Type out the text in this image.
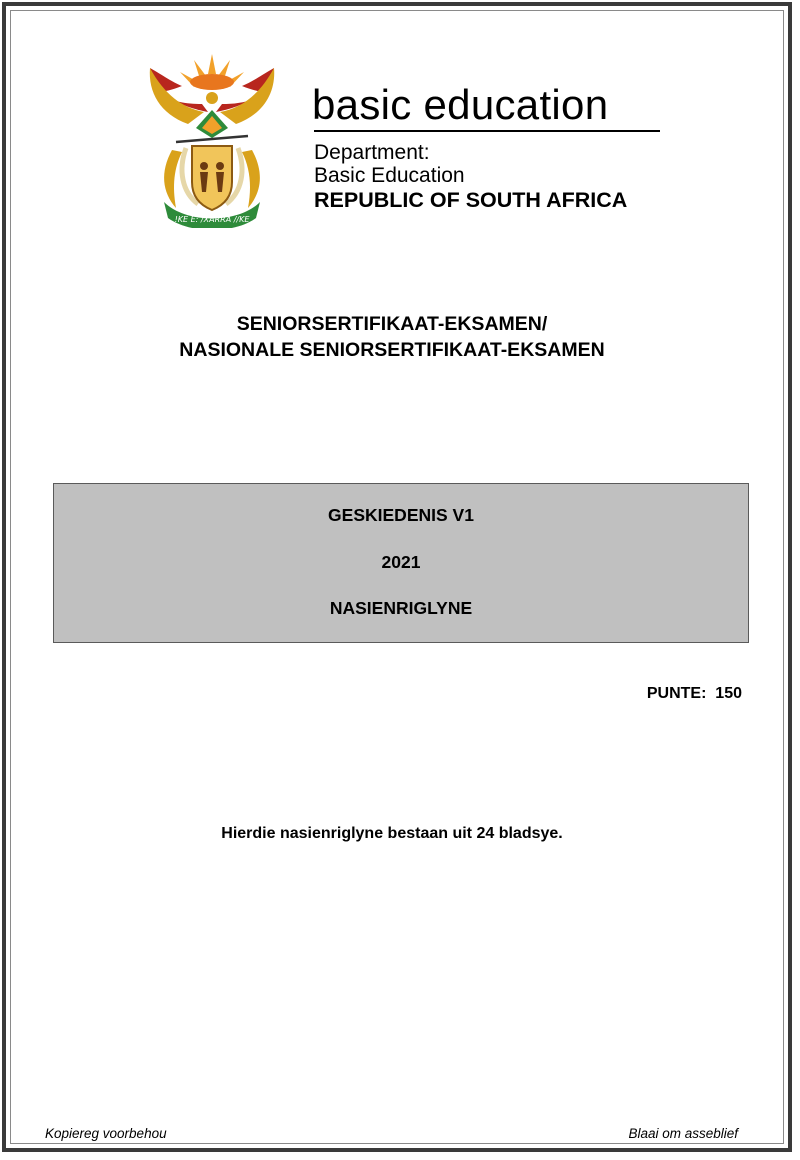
!KE E: /XARRA //KE
basic education
Department:
Basic Education
REPUBLIC OF SOUTH AFRICA
SENIORSERTIFIKAAT-EKSAMEN/
NASIONALE SENIORSERTIFIKAAT-EKSAMEN
GESKIEDENIS V1
2021
NASIENRIGLYNE
PUNTE:  150
Hierdie nasienriglyne bestaan uit 24 bladsye.
Kopiereg voorbehou	Blaai om asseblief
